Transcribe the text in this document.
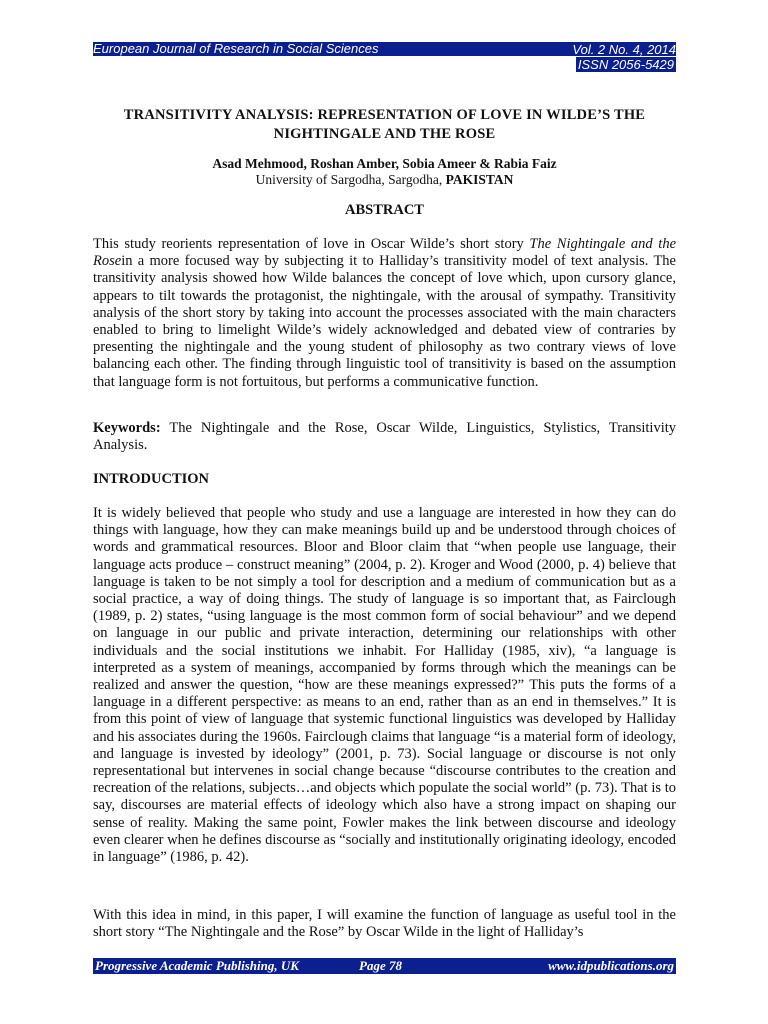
European Journal of Research in Social Sciences	Vol. 2 No. 4, 2014
ISSN 2056-5429
TRANSITIVITY ANALYSIS: REPRESENTATION OF LOVE IN WILDE’S THE NIGHTINGALE AND THE ROSE
Asad Mehmood, Roshan Amber, Sobia Ameer & Rabia Faiz
University of Sargodha, Sargodha, PAKISTAN
ABSTRACT
This study reorients representation of love in Oscar Wilde’s short story The Nightingale and the Rosein a more focused way by subjecting it to Halliday’s transitivity model of text analysis. The transitivity analysis showed how Wilde balances the concept of love which, upon cursory glance, appears to tilt towards the protagonist, the nightingale, with the arousal of sympathy. Transitivity analysis of the short story by taking into account the processes associated with the main characters enabled to bring to limelight Wilde’s widely acknowledged and debated view of contraries by presenting the nightingale and the young student of philosophy as two contrary views of love balancing each other. The finding through linguistic tool of transitivity is based on the assumption that language form is not fortuitous, but performs a communicative function.
Keywords: The Nightingale and the Rose, Oscar Wilde, Linguistics, Stylistics, Transitivity Analysis.
INTRODUCTION
It is widely believed that people who study and use a language are interested in how they can do things with language, how they can make meanings build up and be understood through choices of words and grammatical resources. Bloor and Bloor claim that “when people use language, their language acts produce – construct meaning” (2004, p. 2). Kroger and Wood (2000, p. 4) believe that language is taken to be not simply a tool for description and a medium of communication but as a social practice, a way of doing things. The study of language is so important that, as Fairclough (1989, p. 2) states, “using language is the most common form of social behaviour” and we depend on language in our public and private interaction, determining our relationships with other individuals and the social institutions we inhabit. For Halliday (1985, xiv), “a language is interpreted as a system of meanings, accompanied by forms through which the meanings can be realized and answer the question, “how are these meanings expressed?” This puts the forms of a language in a different perspective: as means to an end, rather than as an end in themselves.” It is from this point of view of language that systemic functional linguistics was developed by Halliday and his associates during the 1960s. Fairclough claims that language “is a material form of ideology, and language is invested by ideology” (2001, p. 73). Social language or discourse is not only representational but intervenes in social change because “discourse contributes to the creation and recreation of the relations, subjects…and objects which populate the social world” (p. 73). That is to say, discourses are material effects of ideology which also have a strong impact on shaping our sense of reality. Making the same point, Fowler makes the link between discourse and ideology even clearer when he defines discourse as “socially and institutionally originating ideology, encoded in language” (1986, p. 42).
With this idea in mind, in this paper, I will examine the function of language as useful tool in the short story “The Nightingale and the Rose” by Oscar Wilde in the light of Halliday’s
Progressive Academic Publishing, UK	Page 78	www.idpublications.org
